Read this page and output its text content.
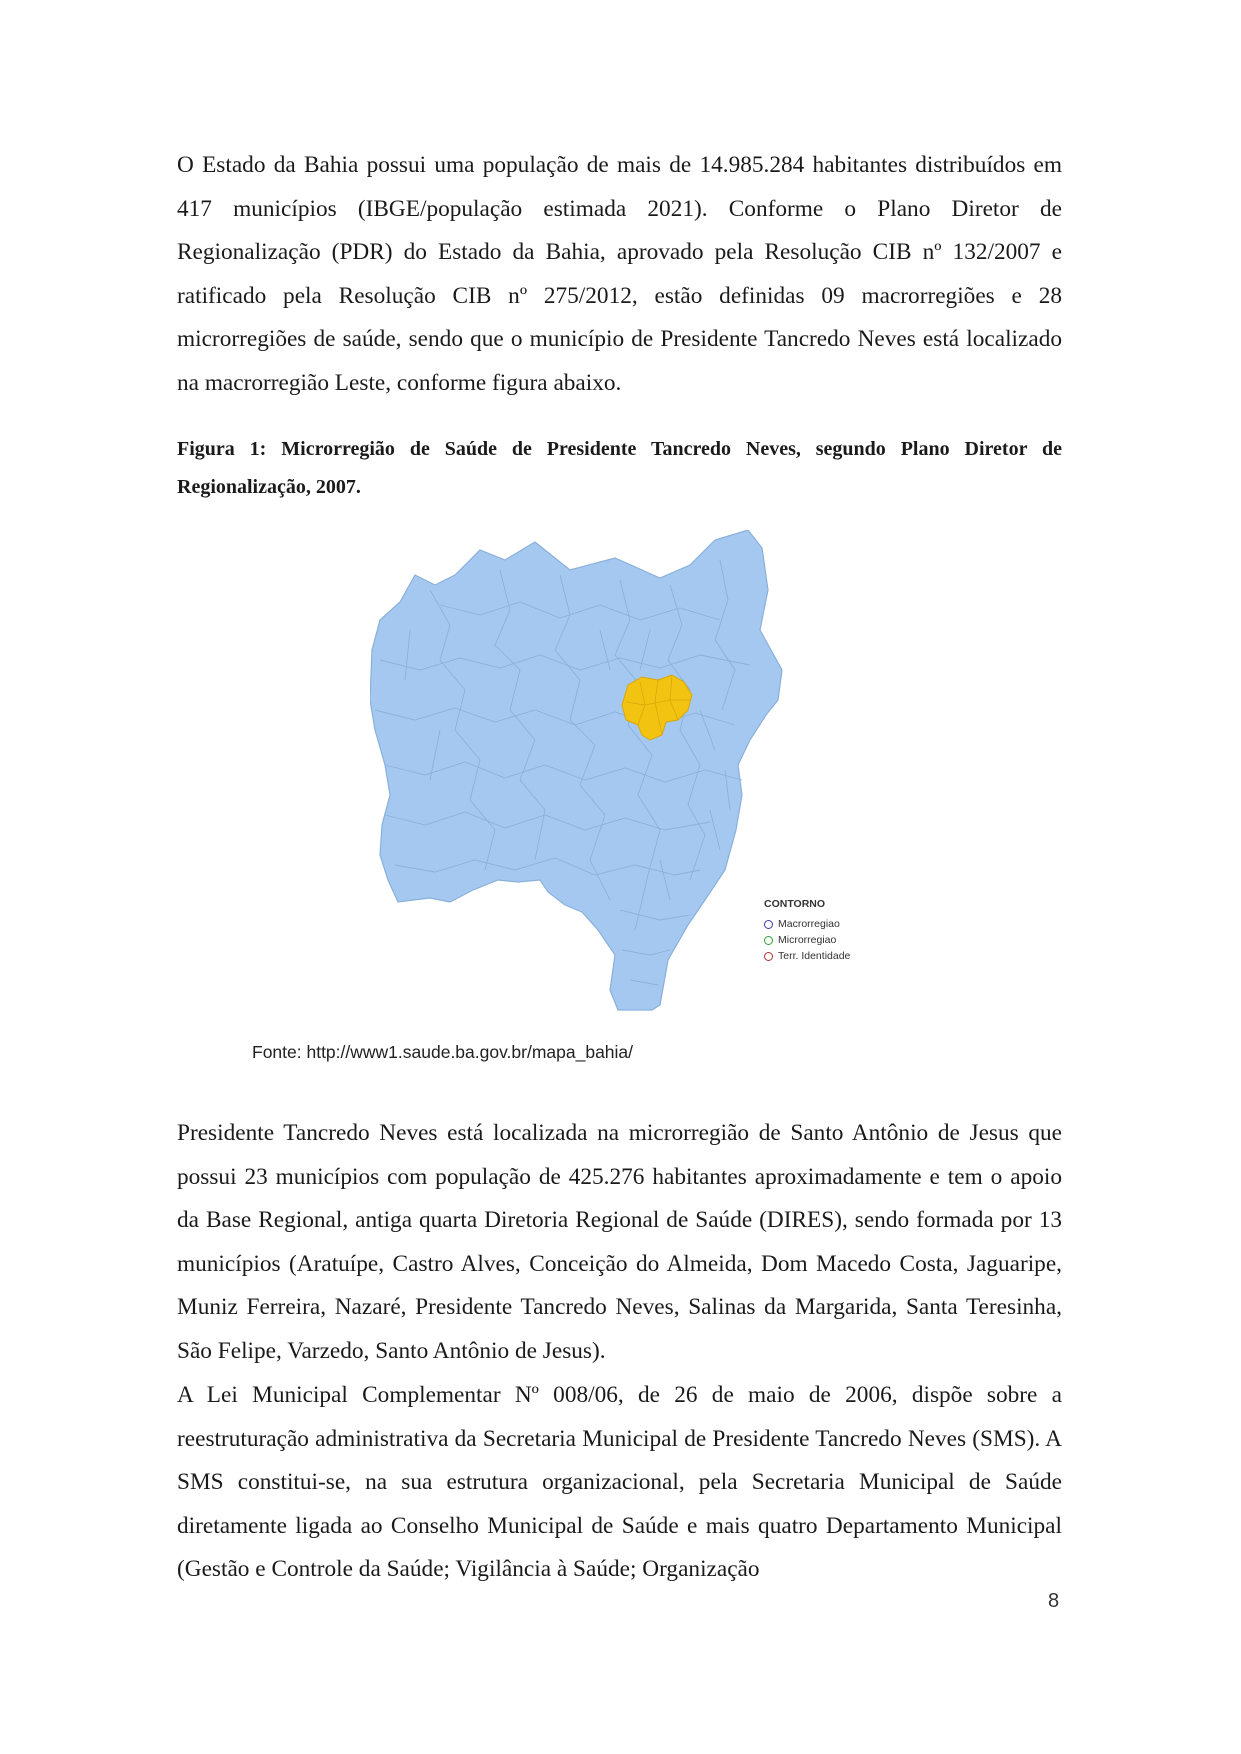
O Estado da Bahia possui uma população de mais de 14.985.284 habitantes distribuídos em 417 municípios (IBGE/população estimada 2021). Conforme o Plano Diretor de Regionalização (PDR) do Estado da Bahia, aprovado pela Resolução CIB nº 132/2007 e ratificado pela Resolução CIB nº 275/2012, estão definidas 09 macrorregiões e 28 microrregiões de saúde, sendo que o município de Presidente Tancredo Neves está localizado na macrorregião Leste, conforme figura abaixo.

Figura 1: Microrregião de Saúde de Presidente Tancredo Neves, segundo Plano Diretor de Regionalização, 2007.

CONTORNO
Macrorregiao
Microrregiao
Terr. Identidade
Fonte: http://www1.saude.ba.gov.br/mapa_bahia/

Presidente Tancredo Neves está localizada na microrregião de Santo Antônio de Jesus que possui 23 municípios com população de 425.276 habitantes aproximadamente e tem o apoio da Base Regional, antiga quarta Diretoria Regional de Saúde (DIRES), sendo formada por 13 municípios (Aratuípe, Castro Alves, Conceição do Almeida, Dom Macedo Costa, Jaguaripe, Muniz Ferreira, Nazaré, Presidente Tancredo Neves, Salinas da Margarida, Santa Teresinha, São Felipe, Varzedo, Santo Antônio de Jesus).

A Lei Municipal Complementar Nº 008/06, de 26 de maio de 2006, dispõe sobre a reestruturação administrativa da Secretaria Municipal de Presidente Tancredo Neves (SMS). A SMS constitui-se, na sua estrutura organizacional, pela Secretaria Municipal de Saúde diretamente ligada ao Conselho Municipal de Saúde e mais quatro Departamento Municipal (Gestão e Controle da Saúde; Vigilância à Saúde; Organização

8
